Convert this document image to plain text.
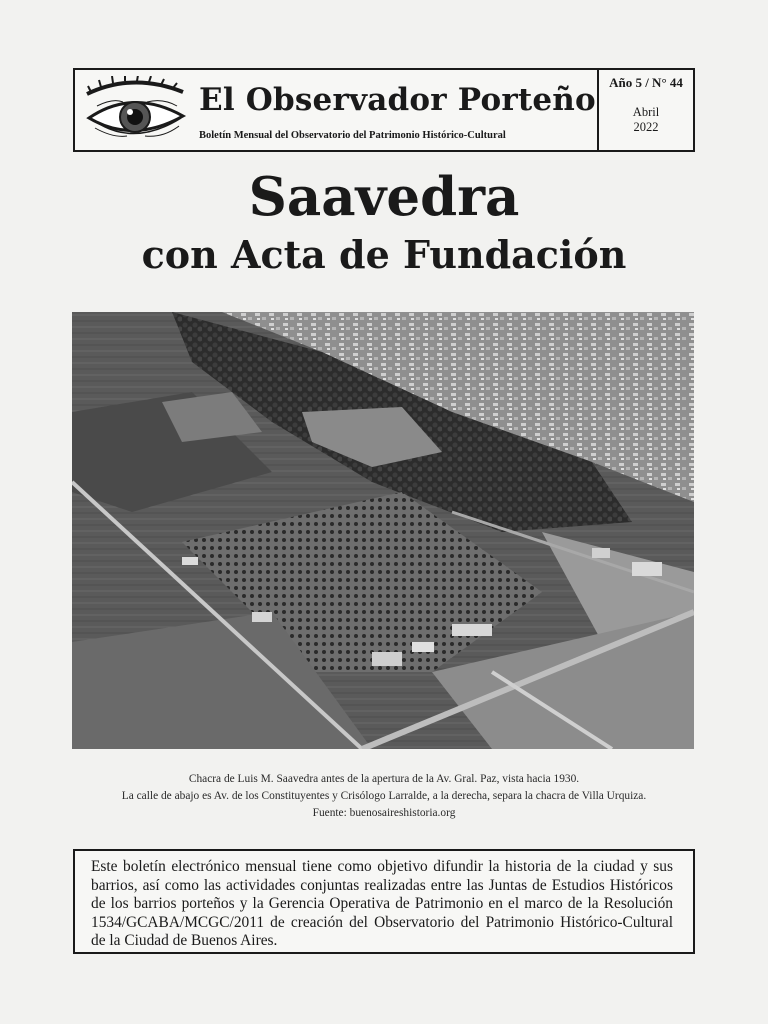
El Observador Porteño
Boletín Mensual del Observatorio del Patrimonio Histórico-Cultural
Año 5 / N° 44
Abril
2022
Saavedra
con Acta de Fundación
Chacra de Luis M. Saavedra antes de la apertura de la Av. Gral. Paz, vista hacia 1930.
La calle de abajo es Av. de los Constituyentes y Crisólogo Larralde, a la derecha, separa la chacra de Villa Urquiza.
Fuente: buenosaireshistoria.org
Este boletín electrónico mensual tiene como objetivo difundir la historia de la ciudad y sus barrios, así como las actividades conjuntas realizadas entre las Juntas de Estudios Históricos de los barrios porteños y la Gerencia Operativa de Patrimonio en el marco de la Resolución 1534/GCABA/MCGC/2011 de creación del Observatorio del Patrimonio Histórico-Cultural de la Ciudad de Buenos Aires.
